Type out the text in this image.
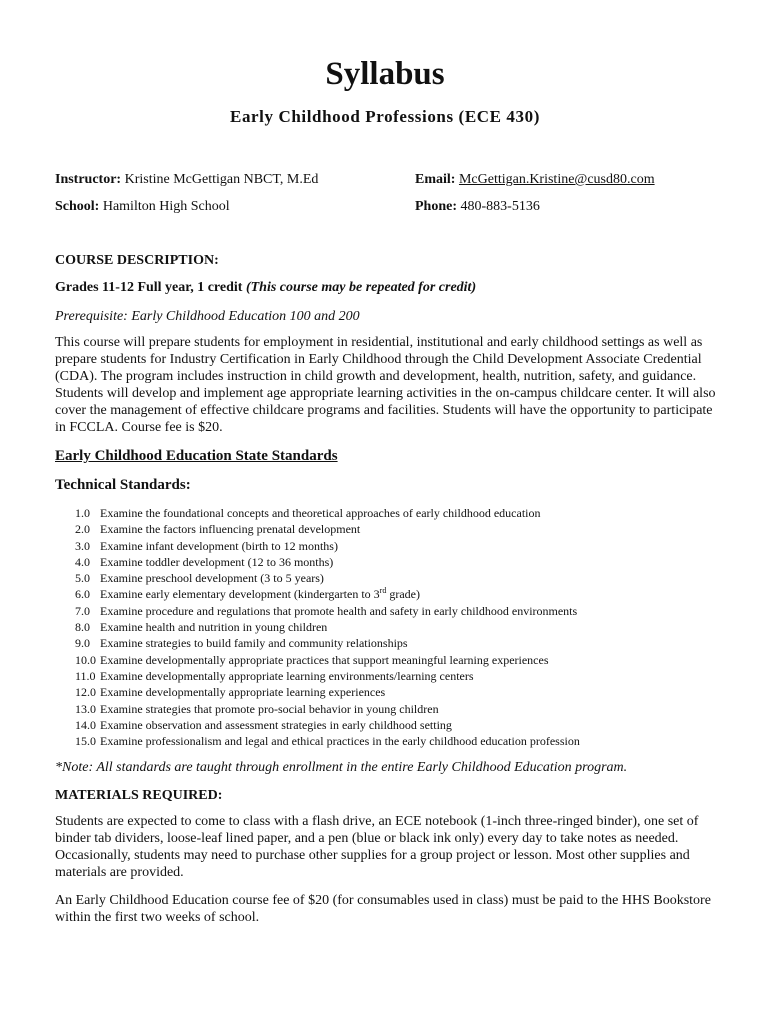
Syllabus
Early Childhood Professions (ECE 430)
Instructor: Kristine McGettigan NBCT, M.Ed	Email: McGettigan.Kristine@cusd80.com
School: Hamilton High School	Phone: 480-883-5136
COURSE DESCRIPTION:
Grades 11-12 Full year, 1 credit (This course may be repeated for credit)
Prerequisite: Early Childhood Education 100 and 200
This course will prepare students for employment in residential, institutional and early childhood settings as well as
prepare students for Industry Certification in Early Childhood through the Child Development Associate Credential
(CDA). The program includes instruction in child growth and development, health, nutrition, safety, and guidance.
Students will develop and implement age appropriate learning activities in the on-campus childcare center. It will also
cover the management of effective childcare programs and facilities. Students will have the opportunity to participate
in FCCLA. Course fee is $20.
Early Childhood Education State Standards
Technical Standards:
1.0 Examine the foundational concepts and theoretical approaches of early childhood education
2.0 Examine the factors influencing prenatal development
3.0 Examine infant development (birth to 12 months)
4.0 Examine toddler development (12 to 36 months)
5.0 Examine preschool development (3 to 5 years)
6.0 Examine early elementary development (kindergarten to 3rd grade)
7.0 Examine procedure and regulations that promote health and safety in early childhood environments
8.0 Examine health and nutrition in young children
9.0 Examine strategies to build family and community relationships
10.0 Examine developmentally appropriate practices that support meaningful learning experiences
11.0 Examine developmentally appropriate learning environments/learning centers
12.0 Examine developmentally appropriate learning experiences
13.0 Examine strategies that promote pro-social behavior in young children
14.0 Examine observation and assessment strategies in early childhood setting
15.0 Examine professionalism and legal and ethical practices in the early childhood education profession
*Note: All standards are taught through enrollment in the entire Early Childhood Education program.
MATERIALS REQUIRED:
Students are expected to come to class with a flash drive, an ECE notebook (1-inch three-ringed binder), one set of
binder tab dividers, loose-leaf lined paper, and a pen (blue or black ink only) every day to take notes as needed.
Occasionally, students may need to purchase other supplies for a group project or lesson. Most other supplies and
materials are provided.
An Early Childhood Education course fee of $20 (for consumables used in class) must be paid to the HHS Bookstore
within the first two weeks of school.
